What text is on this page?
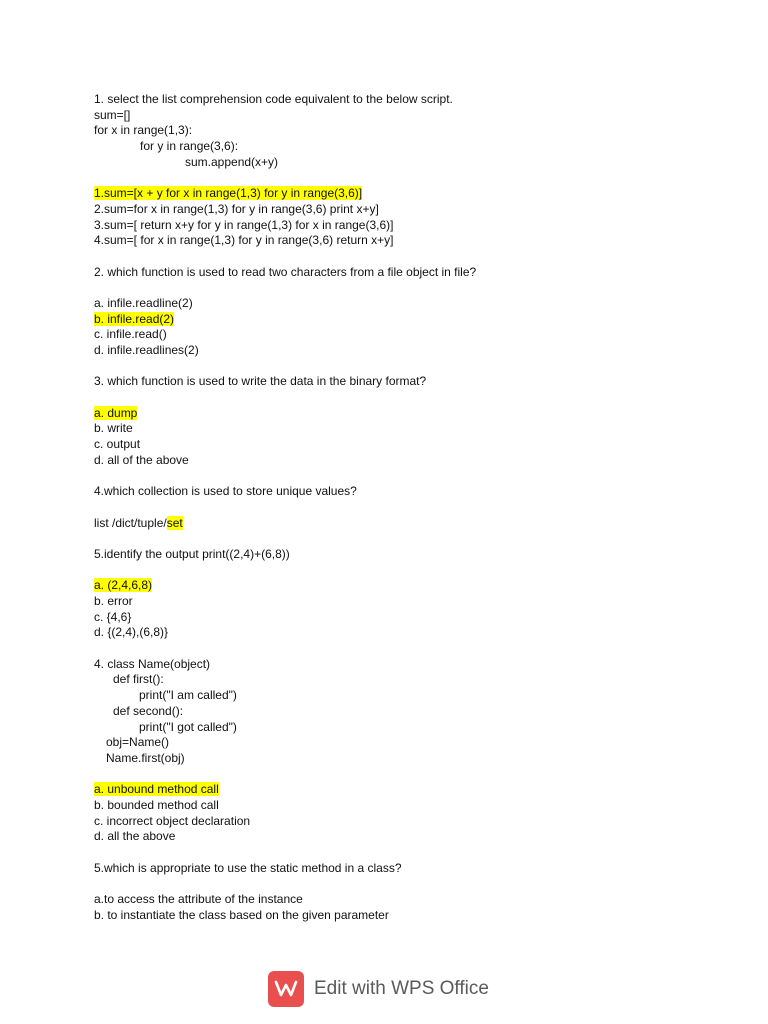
1. select the list comprehension code equivalent to the below script.
sum=[]
for x in range(1,3):
for y in range(3,6):
sum.append(x+y)
1.sum=[x + y for x in range(1,3) for y in range(3,6)]
2.sum=for x in range(1,3) for y in range(3,6) print x+y]
3.sum=[ return x+y for y in range(1,3) for x in range(3,6)]
4.sum=[ for x in range(1,3) for y in range(3,6) return x+y]
2. which function is used to read two characters from a file object in file?
a. infile.readline(2)
b. infile.read(2)
c. infile.read()
d. infile.readlines(2)
3. which function is used to write the data in the binary format?
a. dump
b. write
c. output
d. all of the above
4.which collection is used to store unique values?
list /dict/tuple/set
5.identify the output print((2,4)+(6,8))
a. (2,4,6,8)
b. error
c. {4,6}
d. {(2,4),(6,8)}
4. class Name(object)
def first():
print("I am called")
def second():
print("I got called")
obj=Name()
Name.first(obj)
a. unbound method call
b. bounded method call
c. incorrect object declaration
d. all the above
5.which is appropriate to use the static method in a class?
a.to access the attribute of the instance
b. to instantiate the class based on the given parameter
Edit with WPS Office
